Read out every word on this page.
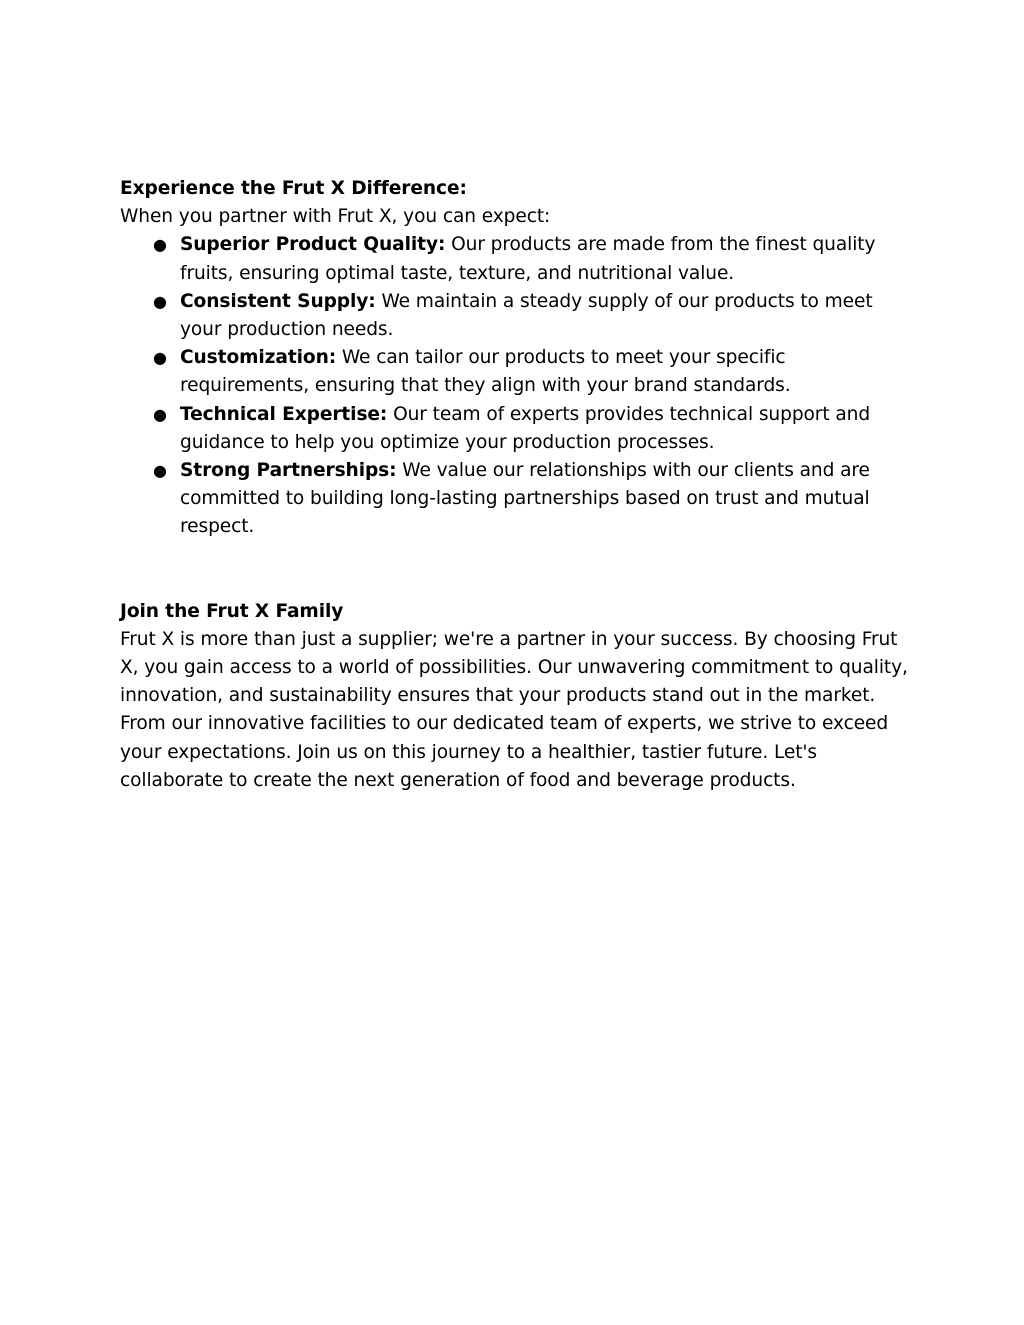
Experience the Frut X Difference:

When you partner with Frut X, you can expect:

● Superior Product Quality: Our products are made from the finest quality fruits, ensuring optimal taste, texture, and nutritional value.
● Consistent Supply: We maintain a steady supply of our products to meet your production needs.
● Customization: We can tailor our products to meet your specific requirements, ensuring that they align with your brand standards.
● Technical Expertise: Our team of experts provides technical support and guidance to help you optimize your production processes.
● Strong Partnerships: We value our relationships with our clients and are committed to building long-lasting partnerships based on trust and mutual respect.

Join the Frut X Family

Frut X is more than just a supplier; we're a partner in your success. By choosing Frut X, you gain access to a world of possibilities. Our unwavering commitment to quality, innovation, and sustainability ensures that your products stand out in the market.

From our innovative facilities to our dedicated team of experts, we strive to exceed your expectations. Join us on this journey to a healthier, tastier future. Let's collaborate to create the next generation of food and beverage products.
